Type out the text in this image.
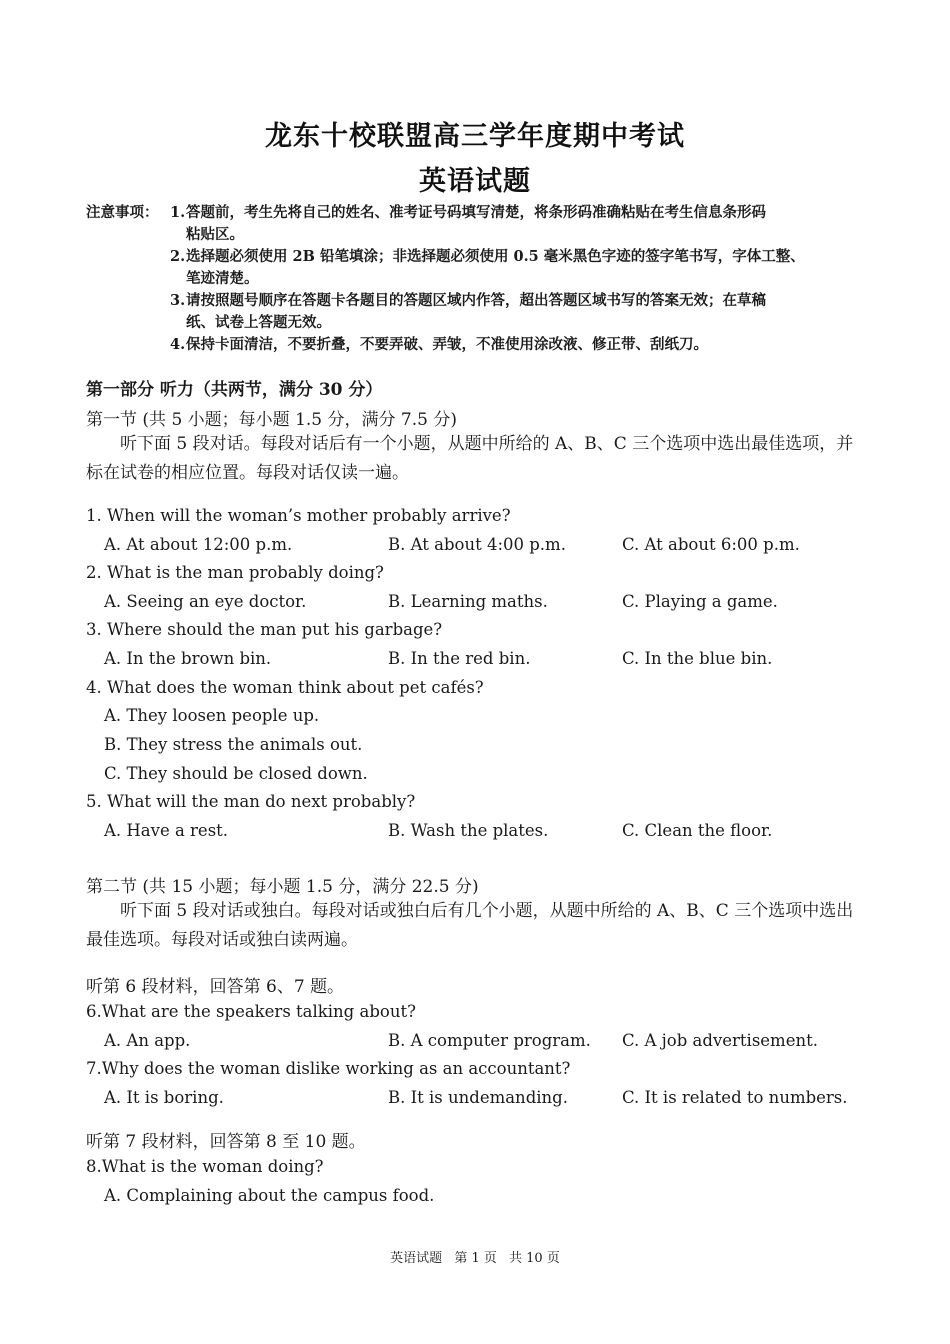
龙东十校联盟高三学年度期中考试
英语试题
注意事项： 1. 答题前，考生先将自己的姓名、准考证号码填写清楚，将条形码准确粘贴在考生信息条形码
粘贴区。
2. 选择题必须使用 2B 铅笔填涂；非选择题必须使用 0.5 毫米黑色字迹的签字笔书写，字体工整、
笔迹清楚。
3. 请按照题号顺序在答题卡各题目的答题区域内作答，超出答题区域书写的答案无效；在草稿
纸、试卷上答题无效。
4. 保持卡面清洁，不要折叠，不要弄破、弄皱，不准使用涂改液、修正带、刮纸刀。
第一部分 听力（共两节，满分 30 分）
第一节 (共 5 小题；每小题 1.5 分，满分 7.5 分)
听下面 5 段对话。每段对话后有一个小题，从题中所给的 A、B、C 三个选项中选出最佳选项，并标在试卷的相应位置。每段对话仅读一遍。
1. When will the woman’s mother probably arrive?
A. At about 12:00 p.m.	B. At about 4:00 p.m.	C. At about 6:00 p.m.
2. What is the man probably doing?
A. Seeing an eye doctor.	B. Learning maths.	C. Playing a game.
3. Where should the man put his garbage?
A. In the brown bin.	B. In the red bin.	C. In the blue bin.
4. What does the woman think about pet cafés?
A. They loosen people up.
B. They stress the animals out.
C. They should be closed down.
5. What will the man do next probably?
A. Have a rest.	B. Wash the plates.	C. Clean the floor.
第二节 (共 15 小题；每小题 1.5 分，满分 22.5 分)
听下面 5 段对话或独白。每段对话或独白后有几个小题，从题中所给的 A、B、C 三个选项中选出最佳选项。每段对话或独白读两遍。
听第 6 段材料，回答第 6、7 题。
6.What are the speakers talking about?
A. An app.	B. A computer program. C. A job advertisement.
7.Why does the woman dislike working as an accountant?
A. It is boring.	B. It is undemanding.	C. It is related to numbers.
听第 7 段材料，回答第 8 至 10 题。
8.What is the woman doing?
A. Complaining about the campus food.
英语试题 第 1 页 共 10 页
